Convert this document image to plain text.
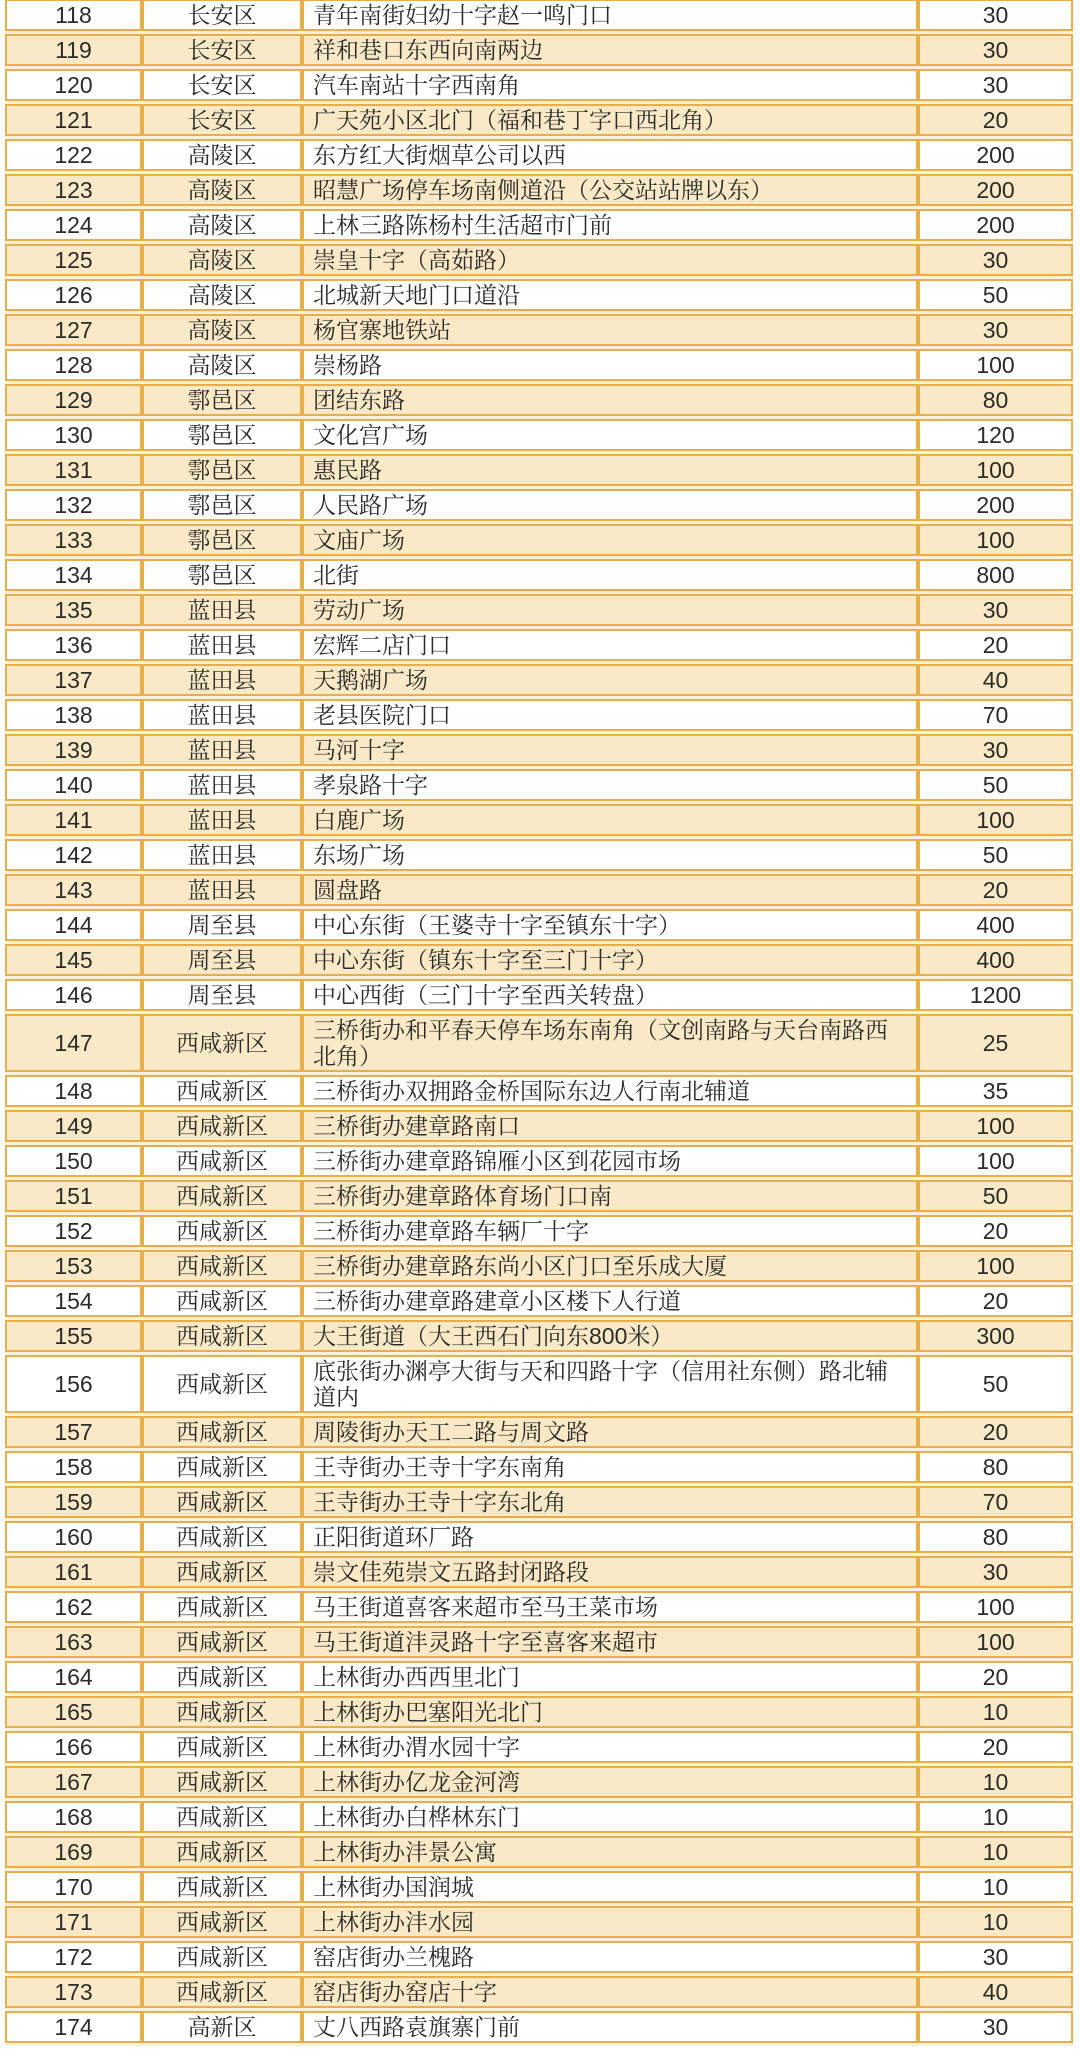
118	长安区	青年南街妇幼十字赵一鸣门口	30
119	长安区	祥和巷口东西向南两边	30
120	长安区	汽车南站十字西南角	30
121	长安区	广天苑小区北门（福和巷丁字口西北角）	20
122	高陵区	东方红大街烟草公司以西	200
123	高陵区	昭慧广场停车场南侧道沿（公交站站牌以东）	200
124	高陵区	上林三路陈杨村生活超市门前	200
125	高陵区	崇皇十字（高茹路）	30
126	高陵区	北城新天地门口道沿	50
127	高陵区	杨官寨地铁站	30
128	高陵区	崇杨路	100
129	鄠邑区	团结东路	80
130	鄠邑区	文化宫广场	120
131	鄠邑区	惠民路	100
132	鄠邑区	人民路广场	200
133	鄠邑区	文庙广场	100
134	鄠邑区	北街	800
135	蓝田县	劳动广场	30
136	蓝田县	宏辉二店门口	20
137	蓝田县	天鹅湖广场	40
138	蓝田县	老县医院门口	70
139	蓝田县	马河十字	30
140	蓝田县	孝泉路十字	50
141	蓝田县	白鹿广场	100
142	蓝田县	东场广场	50
143	蓝田县	圆盘路	20
144	周至县	中心东街（王婆寺十字至镇东十字）	400
145	周至县	中心东街（镇东十字至三门十字）	400
146	周至县	中心西街（三门十字至西关转盘）	1200
147	西咸新区	三桥街办和平春天停车场东南角（文创南路与天台南路西北角）	25
148	西咸新区	三桥街办双拥路金桥国际东边人行南北辅道	35
149	西咸新区	三桥街办建章路南口	100
150	西咸新区	三桥街办建章路锦雁小区到花园市场	100
151	西咸新区	三桥街办建章路体育场门口南	50
152	西咸新区	三桥街办建章路车辆厂十字	20
153	西咸新区	三桥街办建章路东尚小区门口至乐成大厦	100
154	西咸新区	三桥街办建章路建章小区楼下人行道	20
155	西咸新区	大王街道（大王西石门向东800米）	300
156	西咸新区	底张街办渊亭大街与天和四路十字（信用社东侧）路北辅道内	50
157	西咸新区	周陵街办天工二路与周文路	20
158	西咸新区	王寺街办王寺十字东南角	80
159	西咸新区	王寺街办王寺十字东北角	70
160	西咸新区	正阳街道环厂路	80
161	西咸新区	崇文佳苑崇文五路封闭路段	30
162	西咸新区	马王街道喜客来超市至马王菜市场	100
163	西咸新区	马王街道沣灵路十字至喜客来超市	100
164	西咸新区	上林街办西西里北门	20
165	西咸新区	上林街办巴塞阳光北门	10
166	西咸新区	上林街办渭水园十字	20
167	西咸新区	上林街办亿龙金河湾	10
168	西咸新区	上林街办白桦林东门	10
169	西咸新区	上林街办沣景公寓	10
170	西咸新区	上林街办国润城	10
171	西咸新区	上林街办沣水园	10
172	西咸新区	窑店街办兰槐路	30
173	西咸新区	窑店街办窑店十字	40
174	高新区	丈八西路袁旗寨门前	30
